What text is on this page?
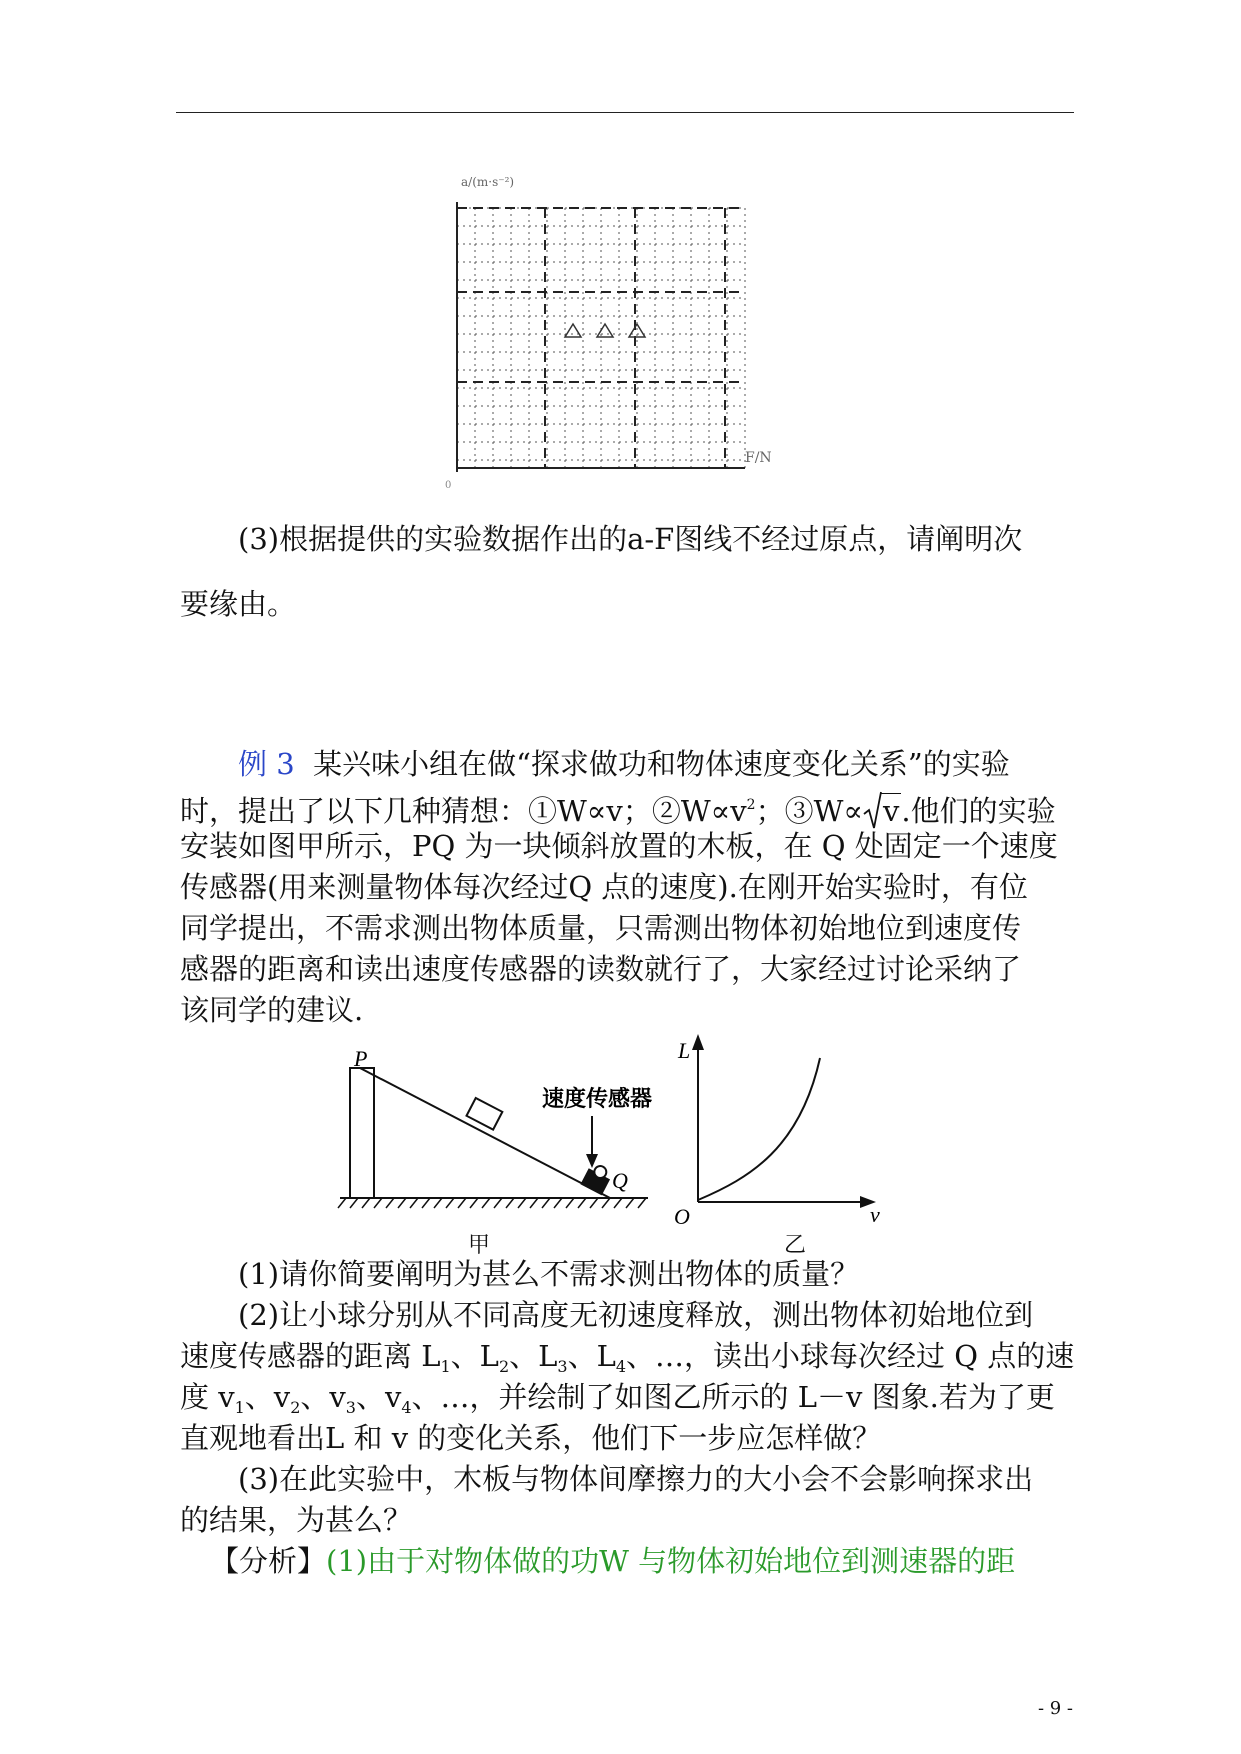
a/(m·s⁻²)
F/N
0

(3)根据提供的实验数据作出的a-F图线不经过原点，请阐明次

要缘由。

例 3 某兴味小组在做“探求做功和物体速度变化关系”的实验

时，提出了以下几种猜想：①W∝v；$②W\propto v^2$；③W∝ v.他们的实验

安装如图甲所示，PQ 为一块倾斜放置的木板，在 Q 处固定一个速度

传感器(用来测量物体每次经过Q 点的速度).在刚开始实验时，有位

同学提出，不需求测出物体质量，只需测出物体初始地位到速度传

感器的距离和读出速度传感器的读数就行了，大家经过讨论采纳了

该同学的建议.

P
Q
速度传感器
L
v
O
甲	乙

(1)请你简要阐明为甚么不需求测出物体的质量？

(2)让小球分别从不同高度无初速度释放，测出物体初始地位到

速度传感器的距离 $L_1$、$L_2$、$L_3$、$L_4$、…，读出小球每次经过 Q 点的速

度 $v_1$、$v_2$、$v_3$、$v_4$、…，并绘制了如图乙所示的 L－v 图象.若为了更

直观地看出L 和 v 的变化关系，他们下一步应怎样做？

(3)在此实验中，木板与物体间摩擦力的大小会不会影响探求出

的结果，为甚么？

【分析】(1)由于对物体做的功W 与物体初始地位到测速器的距

- 9 -
